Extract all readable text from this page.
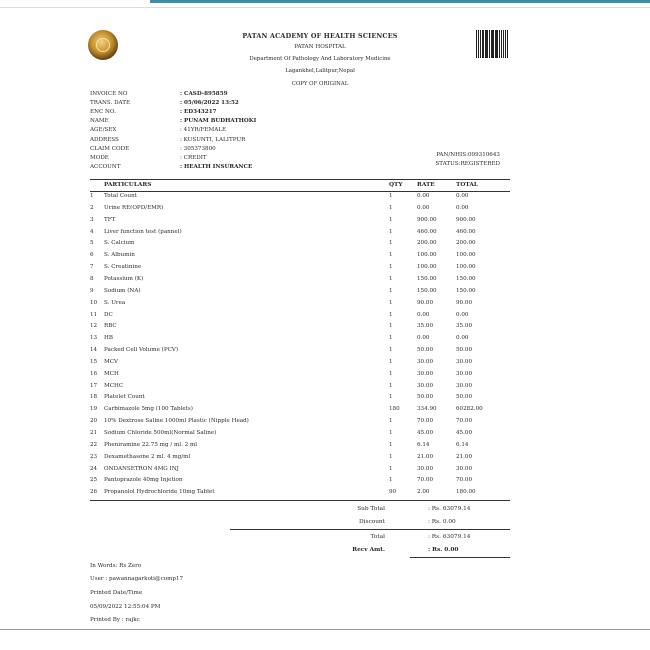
PATAN ACADEMY OF HEALTH SCIENCES
PATAN HOSPITAL
Department Of Pathology And Laboratory Medicine
Lagankhel,Lalitpur,Nepal
COPY OF ORIGINAL
INVOICE NO	: CASD-895859
TRANS. DATE	: 05/06/2022 13:52
ENC NO.	: ED343217
NAME	: PUNAM BUDHATHOKI
AGE/SEX	: 41YR/FEMALE
ADDRESS	: KUSUNTI, LALITPUR
CLAIM CODE	: 305373800
MODE	: CREDIT
ACCOUNT	: HEALTH INSURANCE
PAN/NHIS:099310643
STATUS:REGISTERED
PARTICULARS	QTY RATE	TOTAL
1 Total Count	1	0.00	0.00
2 Urine RE(OPD/EMR)	1	0.00	0.00
3 TFT	1	900.00	900.00
4 Liver function test (pannel)	1	460.00	460.00
5 S. Calcium	1	200.00	200.00
6 S. Albumin	1	100.00	100.00
7 S. Creatinine	1	100.00	100.00
8 Potassium (K)	1	150.00	150.00
9 Sodium (NA)	1	150.00	150.00
10 S. Urea	1	90.00	90.00
11 DC	1	0.00	0.00
12 RBC	1	35.00	35.00
13 HB	1	0.00	0.00
14 Packed Cell Volume (PCV)	1	50.00	50.00
15 MCV	1	30.00	30.00
16 MCH	1	30.00	30.00
17 MCHC	1	30.00	30.00
18 Platelet Count	1	50.00	50.00
19 Carbimazole 5mg (100 Tablets)	180	334.90	60282.00
20 10% Dextrose Saline 1000ml Plastic (Nipple Head)	1	70.00	70.00
21 Sodium Chloride 500ml(Normal Saline)	1	45.00	45.00
22 Pheniramine 22.75 mg / ml. 2 ml	1	6.14	6.14
23 Dexamethasone 2 ml. 4 mg/ml	1	21.00	21.00
24 ONDANSETRON 4MG INJ	1	30.00	30.00
25 Pantoprazole 40mg Injetion	1	70.00	70.00
26 Propanolol Hydrochloride 10mg Tablet	90	2.00	180.00
Sub Total	: Rs. 63079.14
Discount	: Rs. 0.00
Total	: Rs. 63079.14
Recv Amt.	: Rs. 0.00
In Words: Rs Zero
User : pawannagarkoti@comp17
Printed Date/Time
05/09/2022 12:55:04 PM
Printed By : rajkc
